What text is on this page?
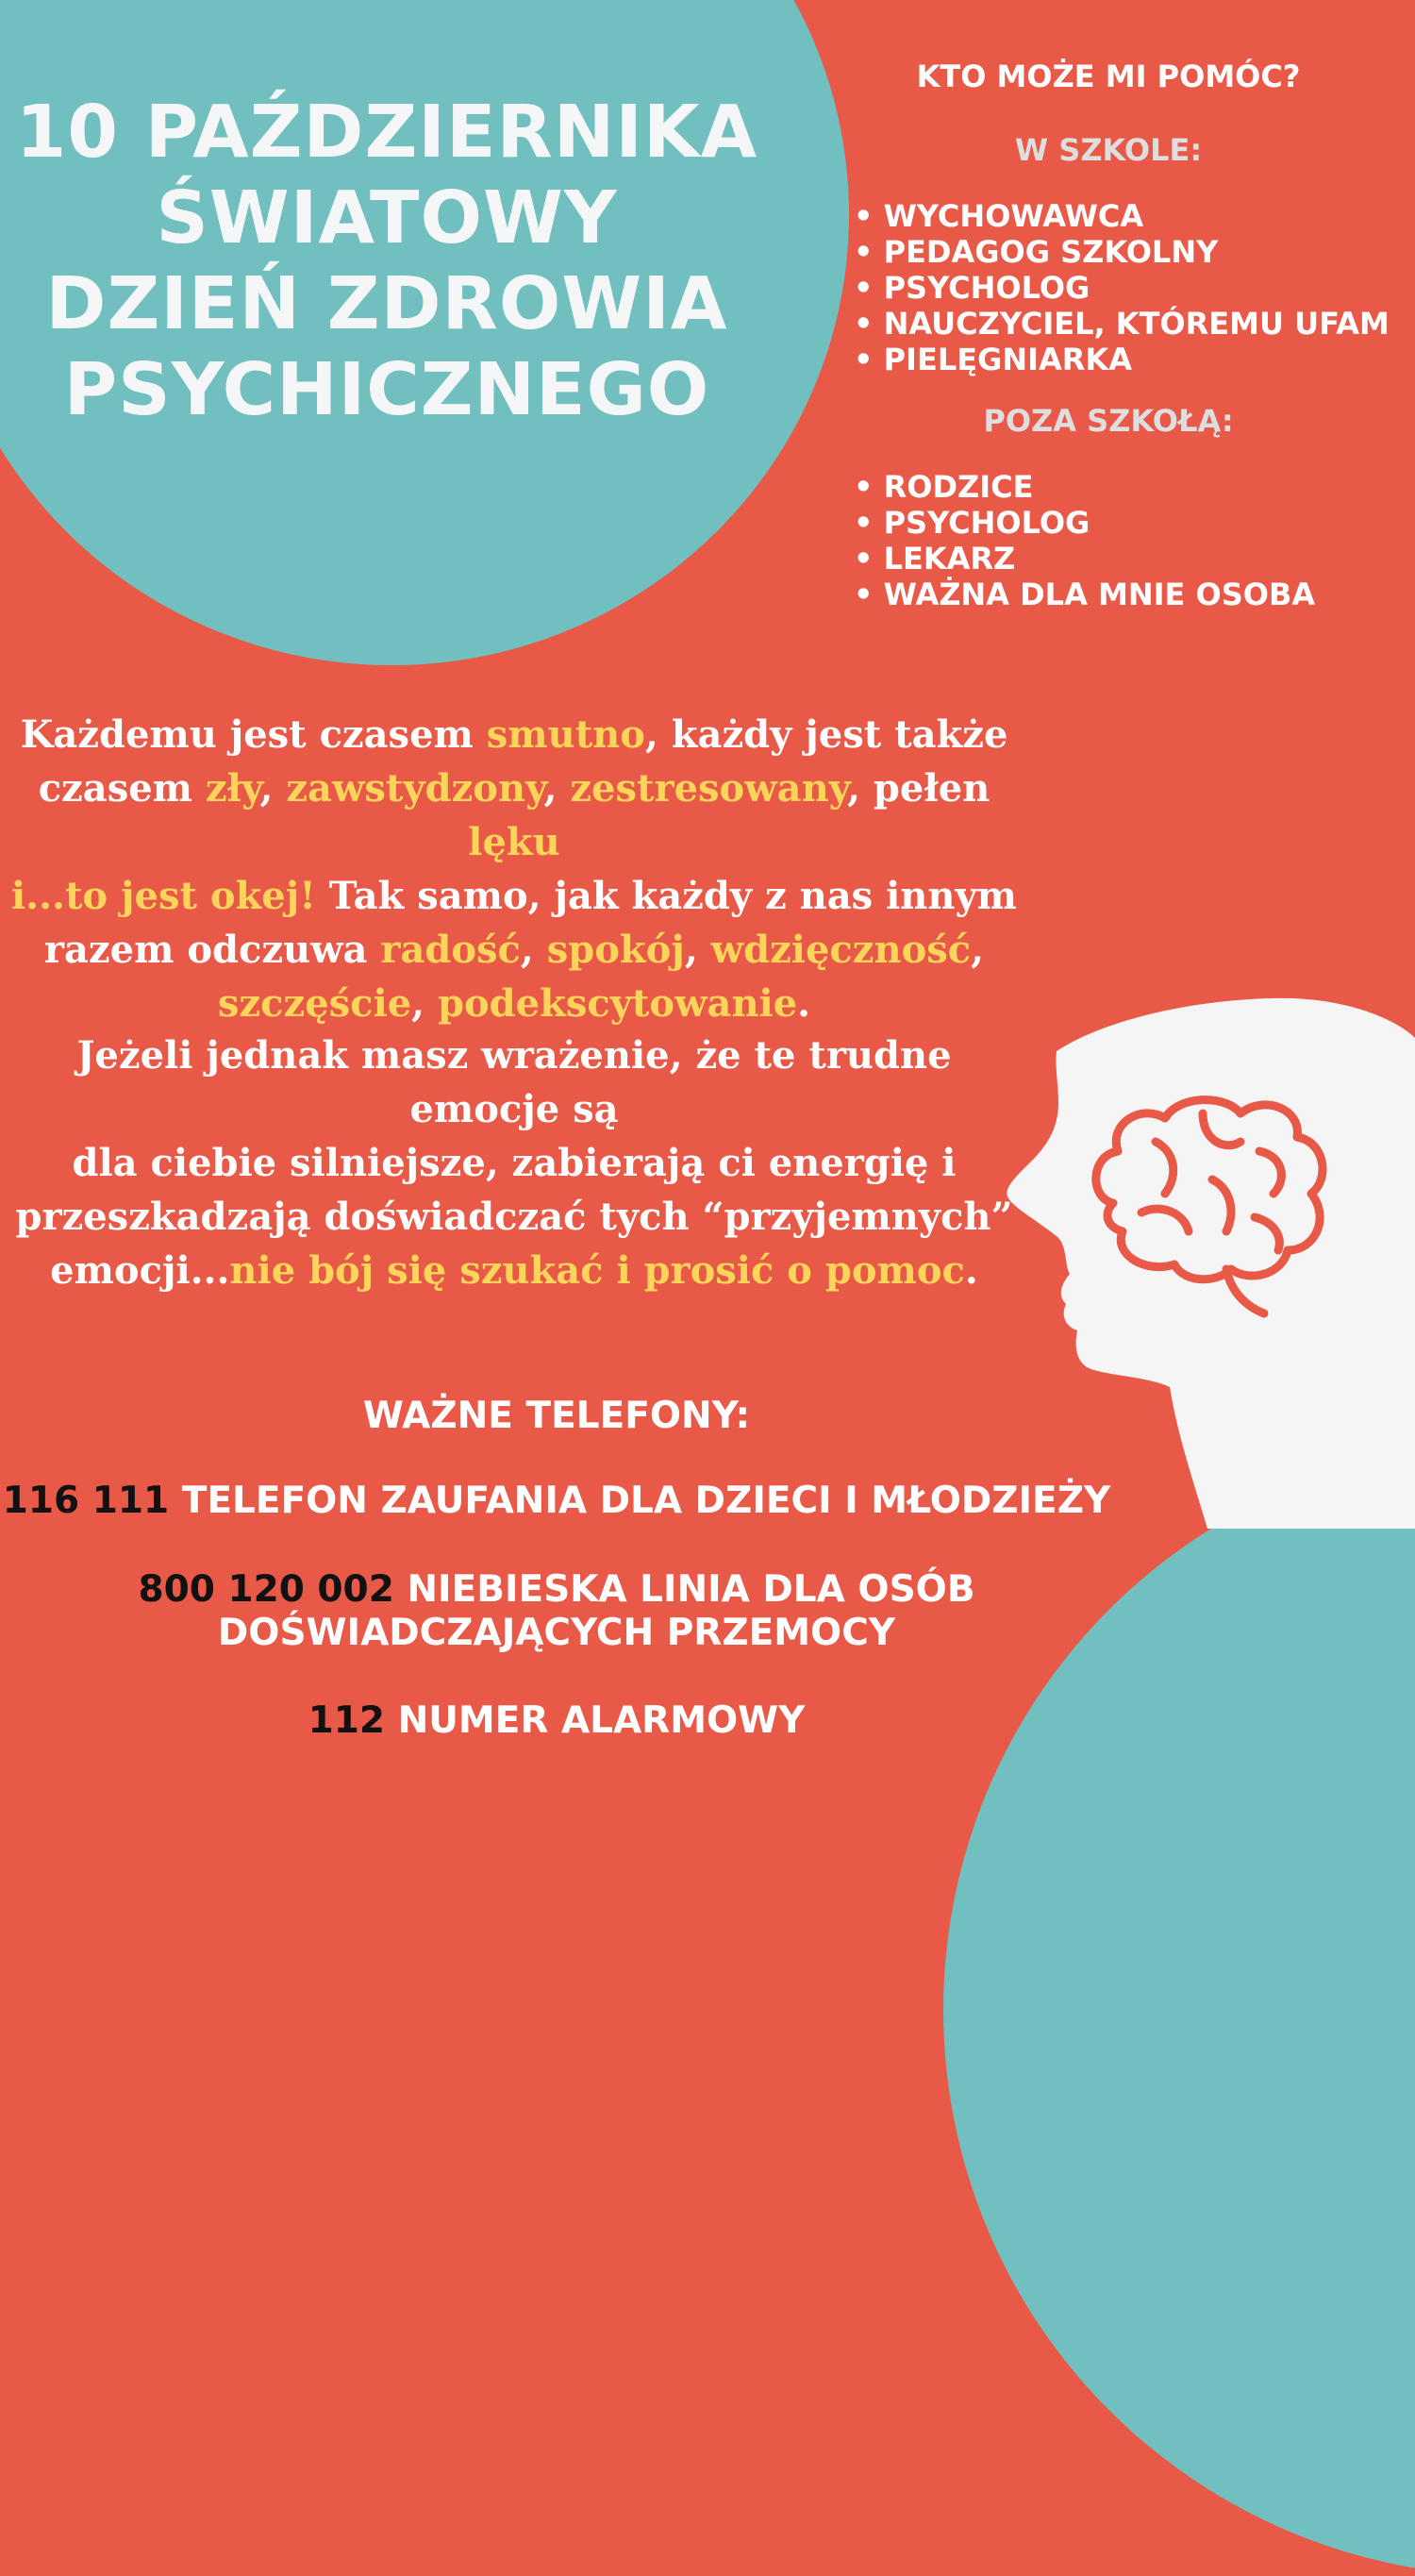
10 PAŹDZIERNIKA
ŚWIATOWY
DZIEŃ ZDROWIA
PSYCHICZNEGO
KTO MOŻE MI POMÓC?
W SZKOLE:
• WYCHOWAWCA
• PEDAGOG SZKOLNY
• PSYCHOLOG
• NAUCZYCIEL, KTÓREMU UFAM
• PIELĘGNIARKA
POZA SZKOŁĄ:
• RODZICE
• PSYCHOLOG
• LEKARZ
• WAŻNA DLA MNIE OSOBA
Każdemu jest czasem smutno, każdy jest także
czasem zły, zawstydzony, zestresowany, pełen lęku
i...to jest okej! Tak samo, jak każdy z nas innym
razem odczuwa radość, spokój, wdzięczność,
szczęście, podekscytowanie.
Jeżeli jednak masz wrażenie, że te trudne emocje są
dla ciebie silniejsze, zabierają ci energię i
przeszkadzają doświadczać tych “przyjemnych”
emocji...nie bój się szukać i prosić o pomoc.
WAŻNE TELEFONY:
116 111 TELEFON ZAUFANIA DLA DZIECI I MŁODZIEŻY
800 120 002 NIEBIESKA LINIA DLA OSÓB
DOŚWIADCZAJĄCYCH PRZEMOCY
112 NUMER ALARMOWY
